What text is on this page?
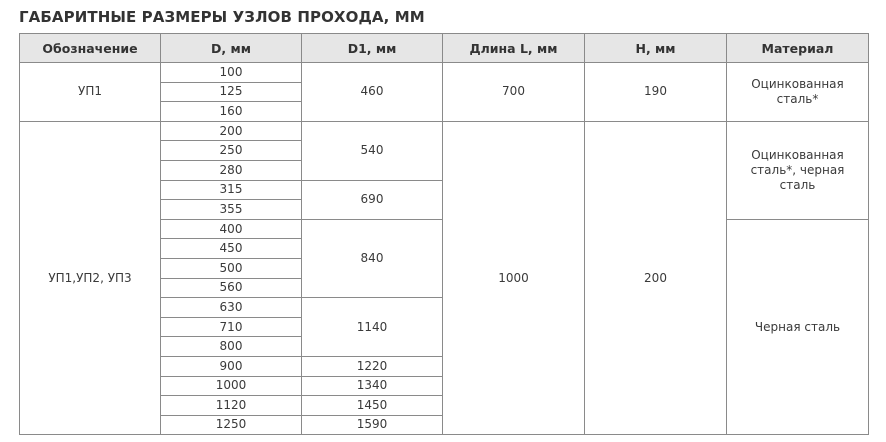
ГАБАРИТНЫЕ РАЗМЕРЫ УЗЛОВ ПРОХОДА, ММ
Обозначение	D, мм	D1, мм	Длина L, мм	H, мм	Материал
УП1	100	460	700	190	Оцинкованная сталь*

	125				
	160				
УП1,УП2, УП3	200	540	1000	200	Оцинкованная сталь*, черная сталь

	250				
	280				
	315	690			
	355				
	400	840			Черная сталь
	450				
	500				
	560				
	630	1140			
	710				
	800				
	900	1220			
	1000	1340			
	1120	1450			
	1250	1590			
